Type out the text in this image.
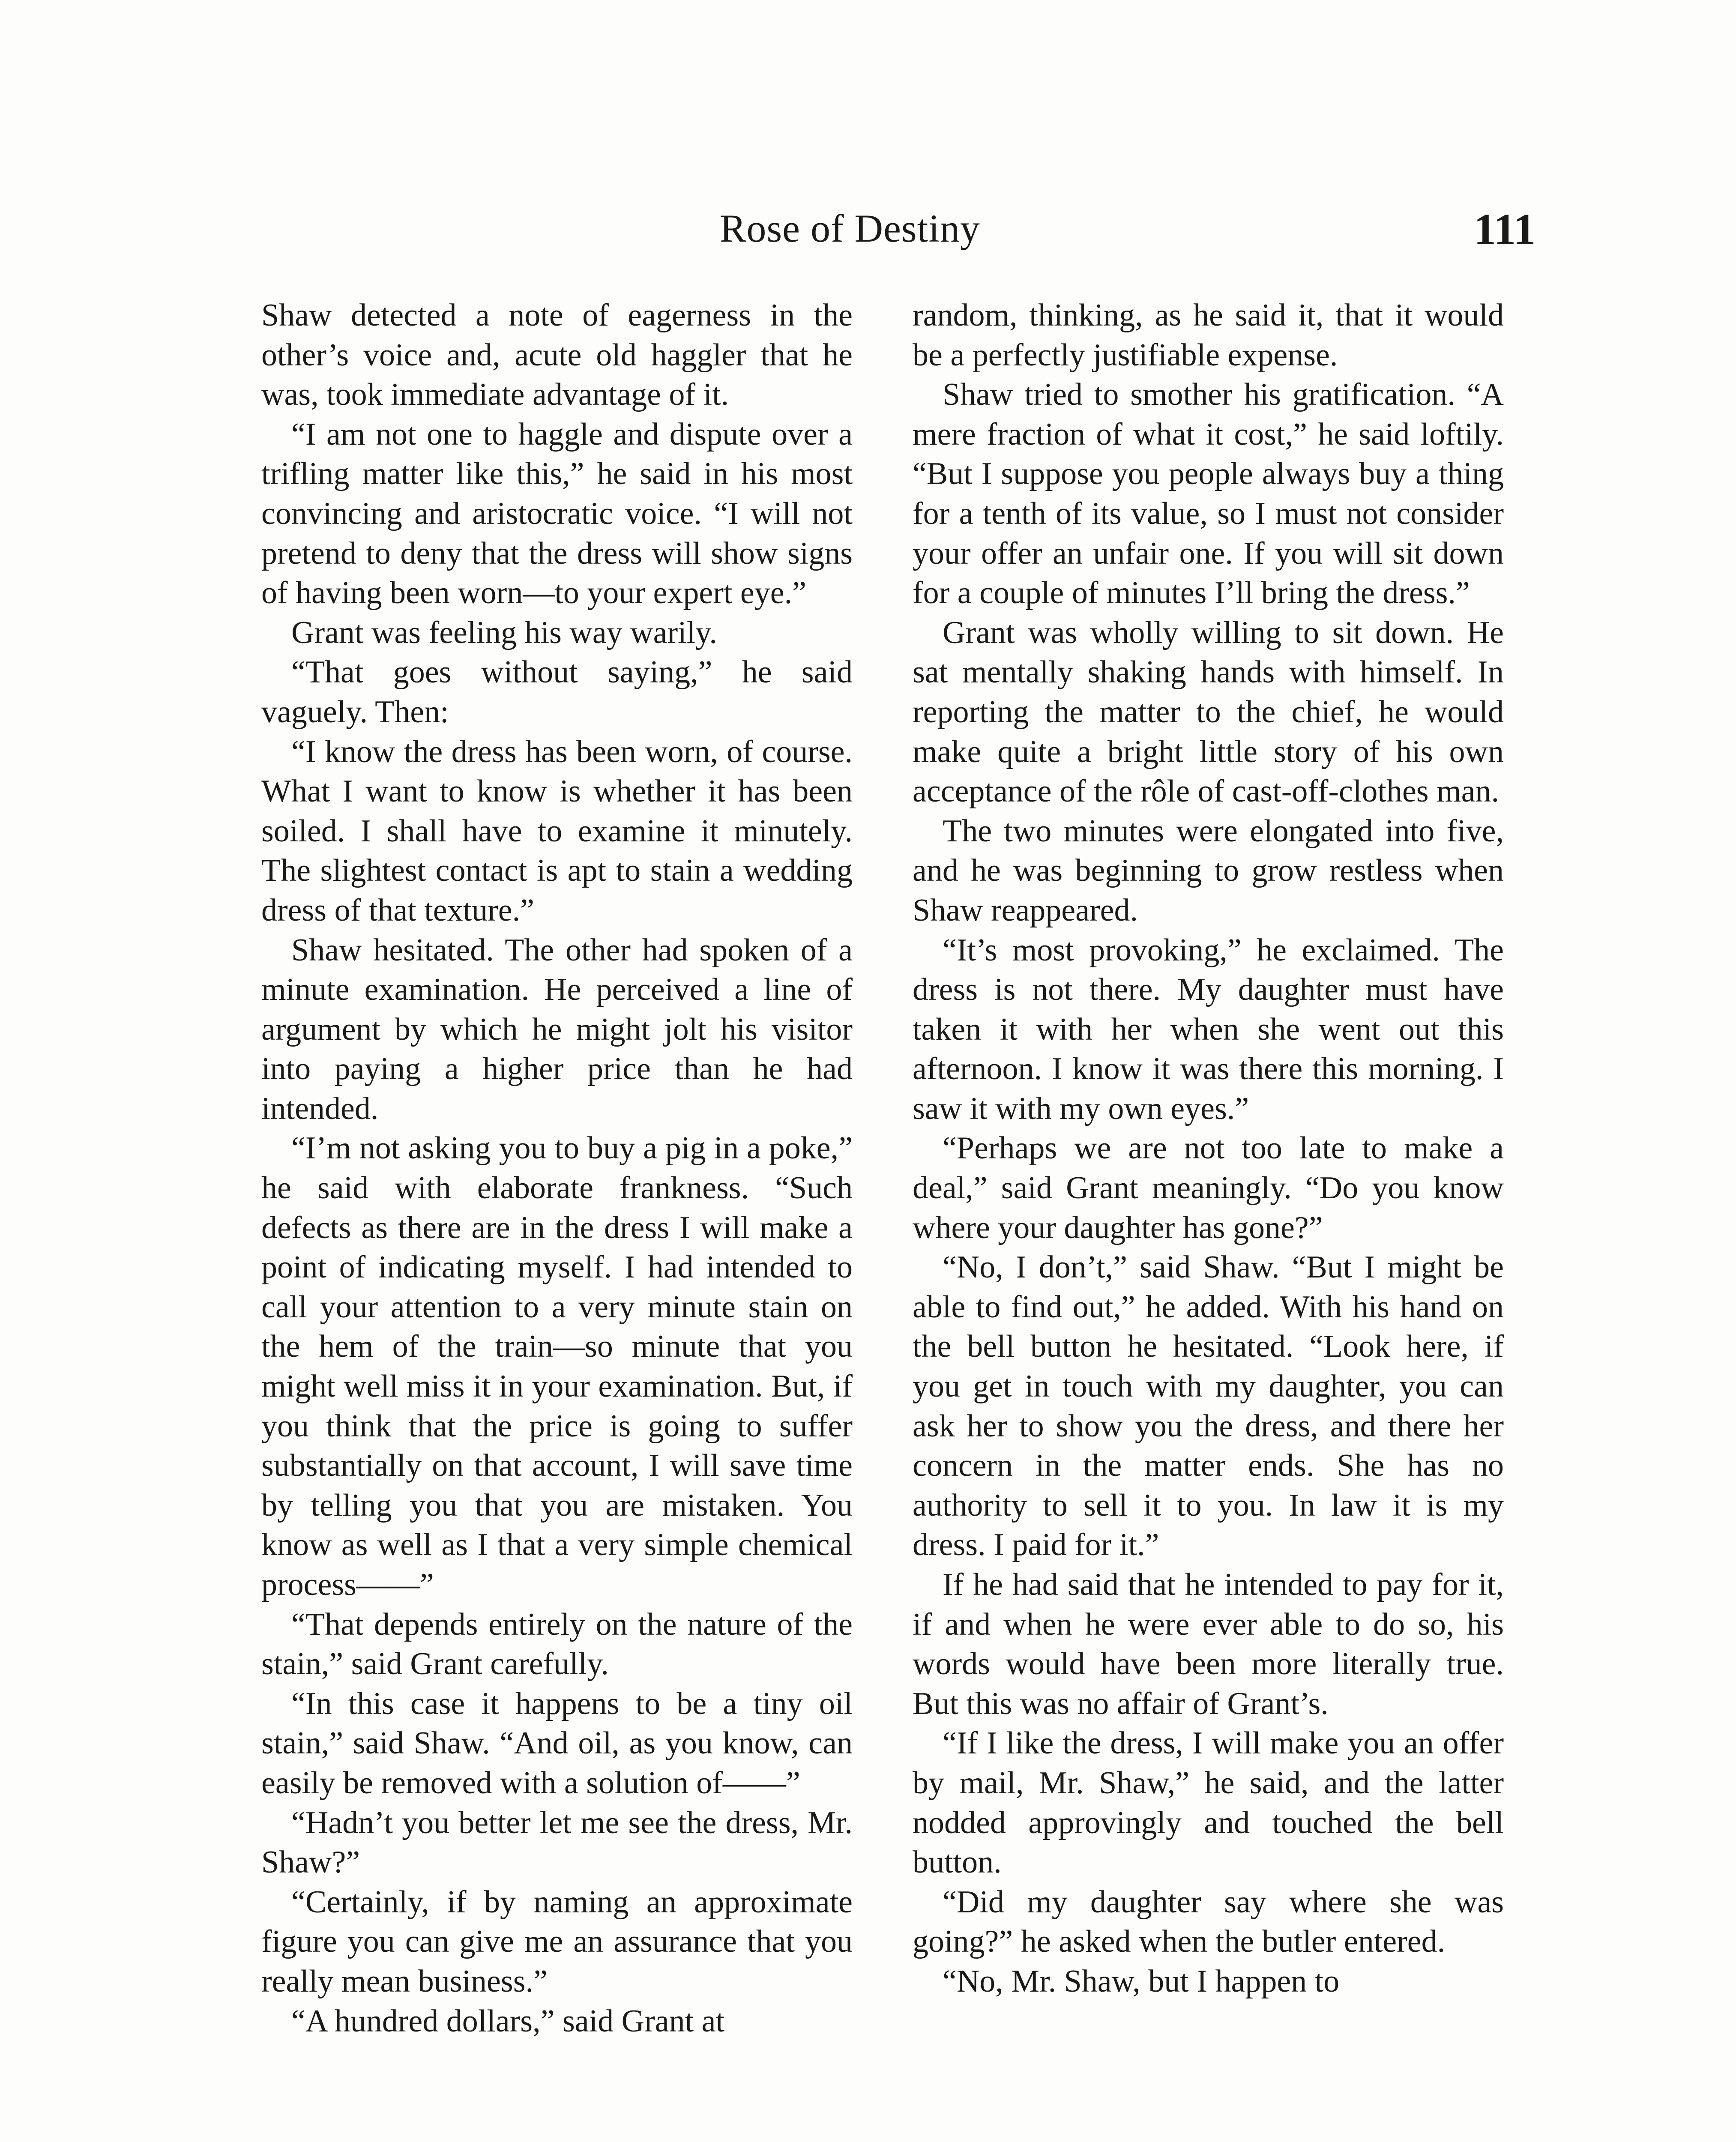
Rose of Destiny	111

Shaw detected a note of eagerness in the other’s voice and, acute old haggler that he was, took immediate advantage of it.

“I am not one to haggle and dispute over a trifling matter like this,” he said in his most convincing and aristocratic voice. “I will not pretend to deny that the dress will show signs of having been worn—to your expert eye.”

Grant was feeling his way warily.

“That goes without saying,” he said vaguely. Then:

“I know the dress has been worn, of course. What I want to know is whether it has been soiled. I shall have to examine it minutely. The slightest contact is apt to stain a wedding dress of that texture.”

Shaw hesitated. The other had spoken of a minute examination. He perceived a line of argument by which he might jolt his visitor into paying a higher price than he had intended.

“I’m not asking you to buy a pig in a poke,” he said with elaborate frankness. “Such defects as there are in the dress I will make a point of indicating myself. I had intended to call your attention to a very minute stain on the hem of the train—so minute that you might well miss it in your examination. But, if you think that the price is going to suffer substantially on that account, I will save time by telling you that you are mistaken. You know as well as I that a very simple chemical process——”

“That depends entirely on the nature of the stain,” said Grant carefully.

“In this case it happens to be a tiny oil stain,” said Shaw. “And oil, as you know, can easily be removed with a solution of——”

“Hadn’t you better let me see the dress, Mr. Shaw?”

“Certainly, if by naming an approximate figure you can give me an assurance that you really mean business.”

“A hundred dollars,” said Grant at

random, thinking, as he said it, that it would be a perfectly justifiable expense.

Shaw tried to smother his gratification. “A mere fraction of what it cost,” he said loftily. “But I suppose you people always buy a thing for a tenth of its value, so I must not consider your offer an unfair one. If you will sit down for a couple of minutes I’ll bring the dress.”

Grant was wholly willing to sit down. He sat mentally shaking hands with himself. In reporting the matter to the chief, he would make quite a bright little story of his own acceptance of the rôle of cast-off-clothes man.

The two minutes were elongated into five, and he was beginning to grow restless when Shaw reappeared.

“It’s most provoking,” he exclaimed. The dress is not there. My daughter must have taken it with her when she went out this afternoon. I know it was there this morning. I saw it with my own eyes.”

“Perhaps we are not too late to make a deal,” said Grant meaningly. “Do you know where your daughter has gone?”

“No, I don’t,” said Shaw. “But I might be able to find out,” he added. With his hand on the bell button he hesitated. “Look here, if you get in touch with my daughter, you can ask her to show you the dress, and there her concern in the matter ends. She has no authority to sell it to you. In law it is my dress. I paid for it.”

If he had said that he intended to pay for it, if and when he were ever able to do so, his words would have been more literally true. But this was no affair of Grant’s.

“If I like the dress, I will make you an offer by mail, Mr. Shaw,” he said, and the latter nodded approvingly and touched the bell button.

“Did my daughter say where she was going?” he asked when the butler entered.

“No, Mr. Shaw, but I happen to
